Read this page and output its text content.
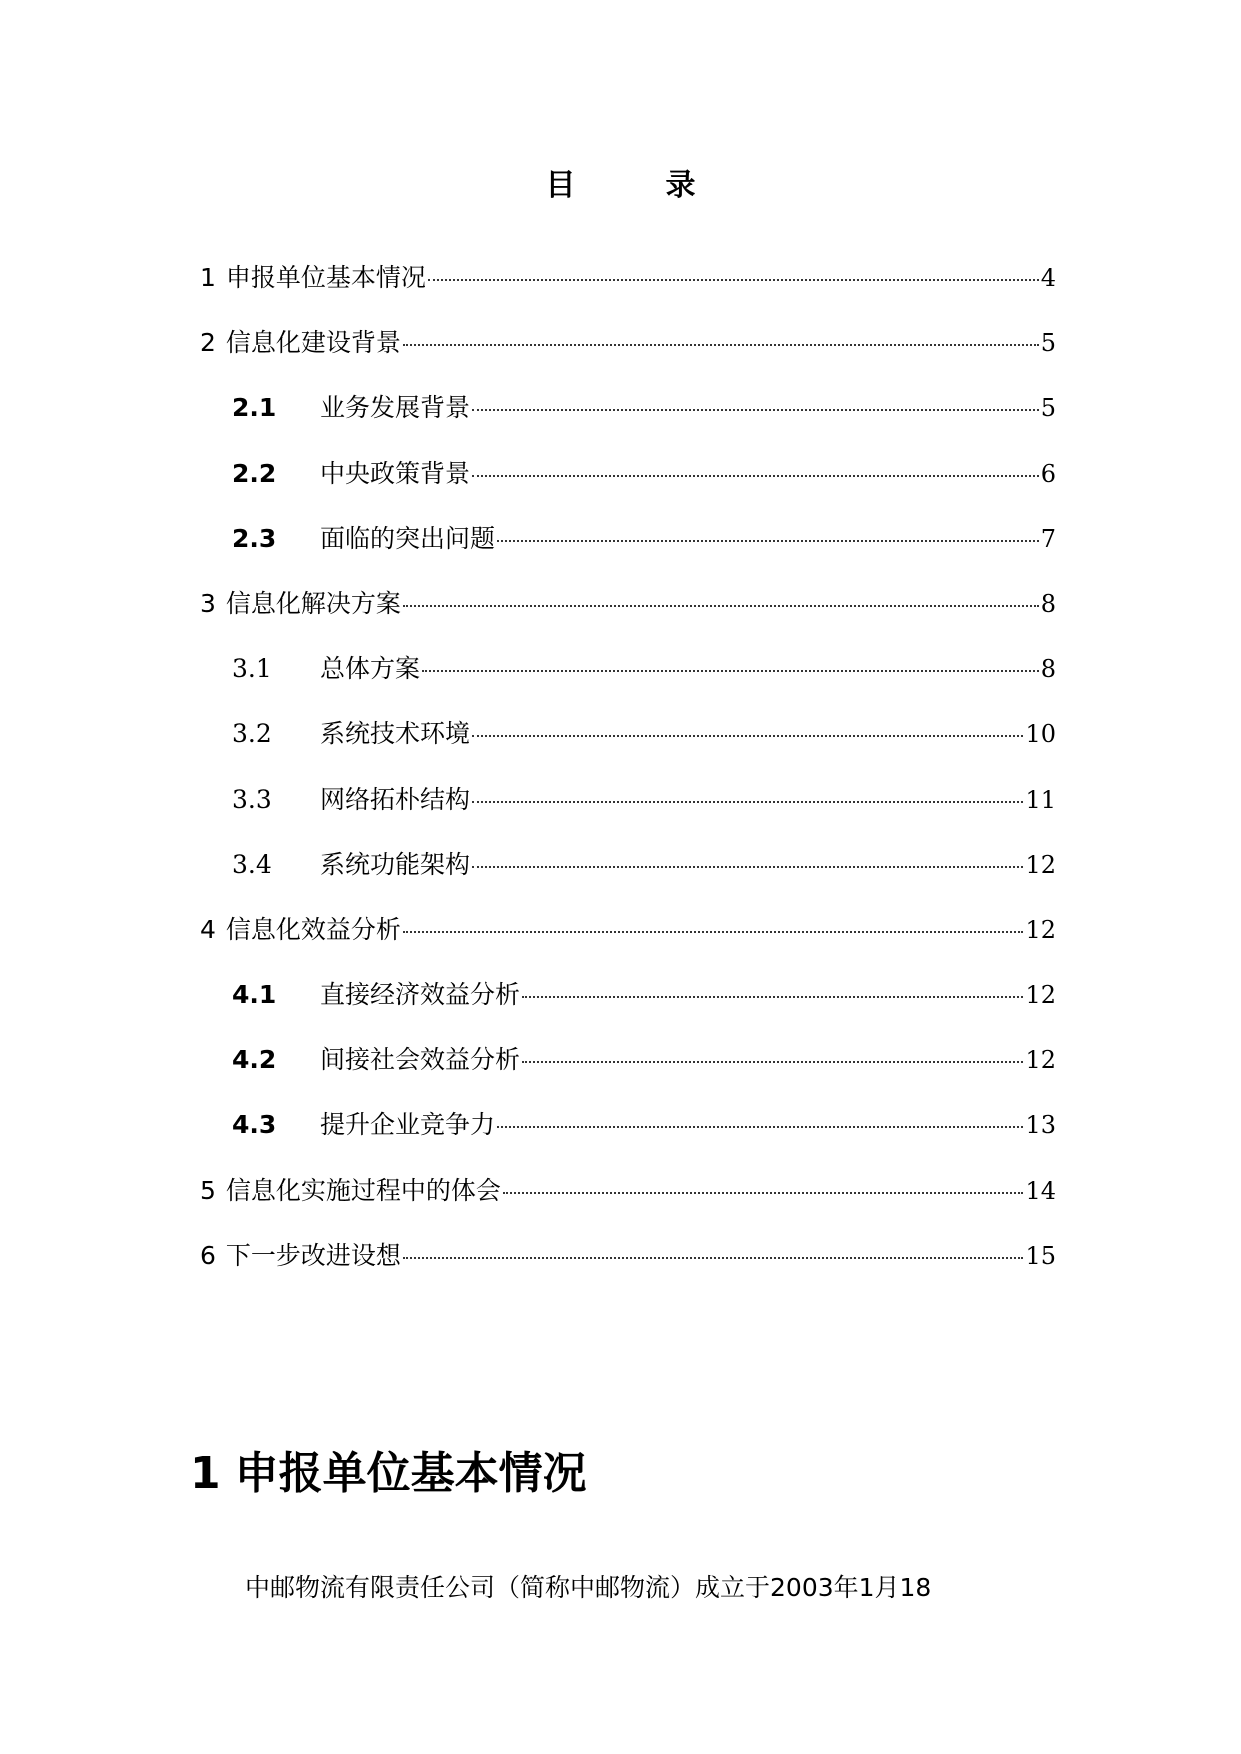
目　录
1 申报单位基本情况	4
2 信息化建设背景	5
2.1	业务发展背景	5
2.2	中央政策背景	6
2.3	面临的突出问题	7
3 信息化解决方案	8
3.1	总体方案	8
3.2	系统技术环境	10
3.3	网络拓朴结构	11
3.4	系统功能架构	12
4 信息化效益分析	12
4.1	直接经济效益分析	12
4.2	间接社会效益分析	12
4.3	提升企业竞争力	13
5 信息化实施过程中的体会	14
6 下一步改进设想	15
1 申报单位基本情况
中邮物流有限责任公司（简称中邮物流）成立于2003年1月18
